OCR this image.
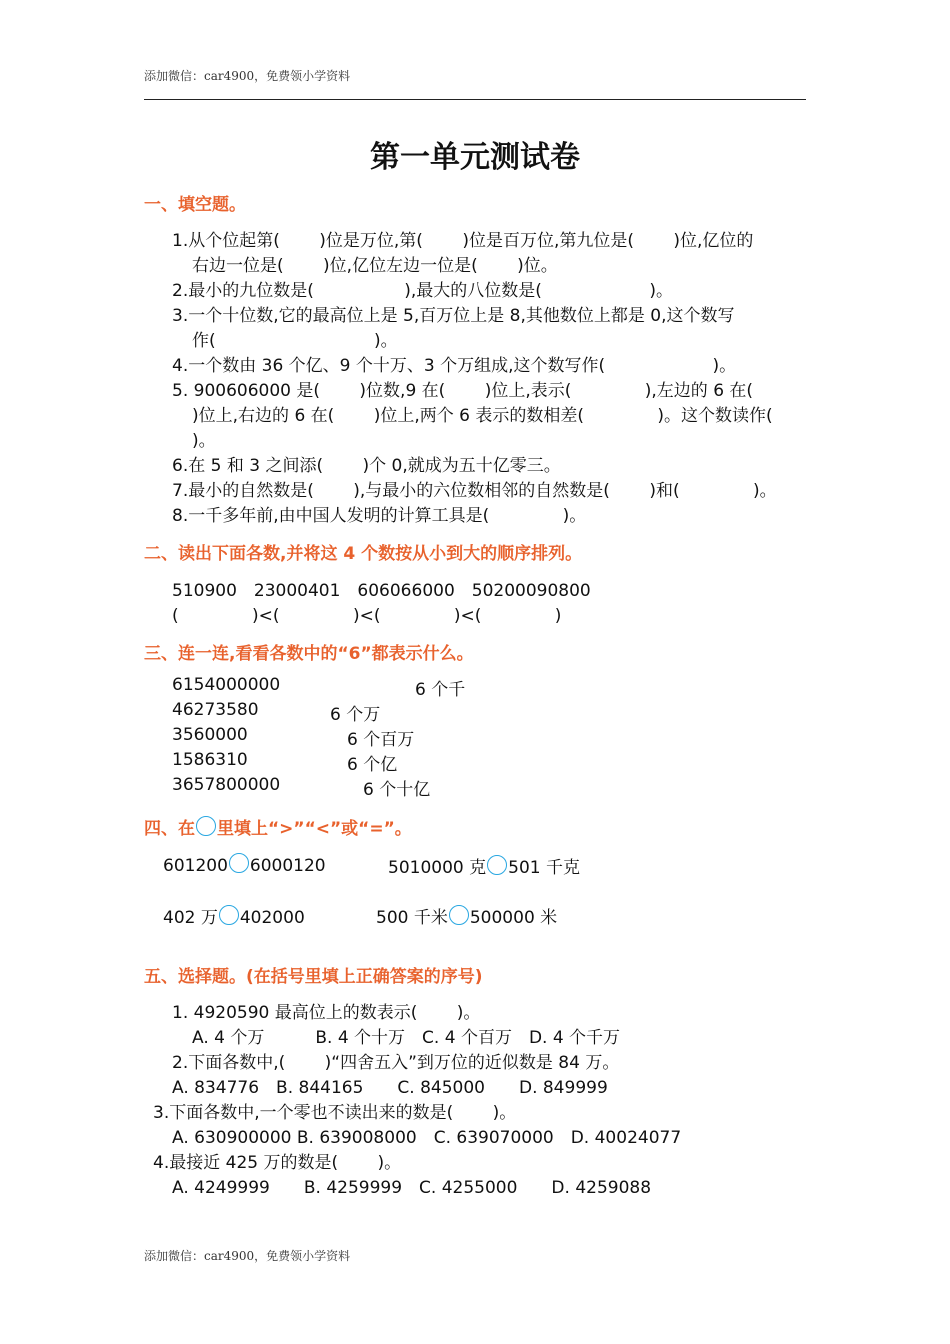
添加微信：car4900，免费领小学资料
第一单元测试卷
一、填空题。
1.从个位起第(　　 )位是万位,第(　　 )位是百万位,第九位是(　　 )位,亿位的
右边一位是(　　 )位,亿位左边一位是(　　 )位。
2.最小的九位数是(　　　　　 ),最大的八位数是(　　　　　　 )。
3.一个十位数,它的最高位上是 5,百万位上是 8,其他数位上都是 0,这个数写
作(　　　　　　　　　 )。
4.一个数由 36 个亿、9 个十万、3 个万组成,这个数写作(　　　　　　 )。
5. 900606000 是(　　 )位数,9 在(　　 )位上,表示(　　　　 ),左边的 6 在(
)位上,右边的 6 在(　　 )位上,两个 6 表示的数相差(　　　　 )。这个数读作(
)。
6.在 5 和 3 之间添(　　 )个 0,就成为五十亿零三。
7.最小的自然数是(　　 ),与最小的六位数相邻的自然数是(　　 )和(　　　　 )。
8.一千多年前,由中国人发明的计算工具是(　　　　 )。
二、读出下面各数,并将这 4 个数按从小到大的顺序排列。
510900　23000401　606066000　50200090800
(　　　　 )<(　　　　 )<(　　　　 )<(　　　　 )
三、连一连,看看各数中的“6”都表示什么。
6154000000
46273580
3560000
1586310
3657800000
6 个千
6 个万
6 个百万
6 个亿
6 个十亿
四、在 里填上“>”“<”或“=”。
601200 6000120	5010000 克 501 千克
402 万 402000	500 千米 500000 米
五、选择题。(在括号里填上正确答案的序号)
1. 4920590 最高位上的数表示(　　 )。
A. 4 个万　　　B. 4 个十万　C. 4 个百万　D. 4 个千万
2.下面各数中,(　　 )“四舍五入”到万位的近似数是 84 万。
A. 834776　B. 844165　　C. 845000　　D. 849999
3.下面各数中,一个零也不读出来的数是(　　 )。
A. 630900000 B. 639008000　C. 639070000　D. 40024077
4.最接近 425 万的数是(　　 )。
A. 4249999　　B. 4259999　C. 4255000　　D. 4259088
添加微信：car4900，免费领小学资料
